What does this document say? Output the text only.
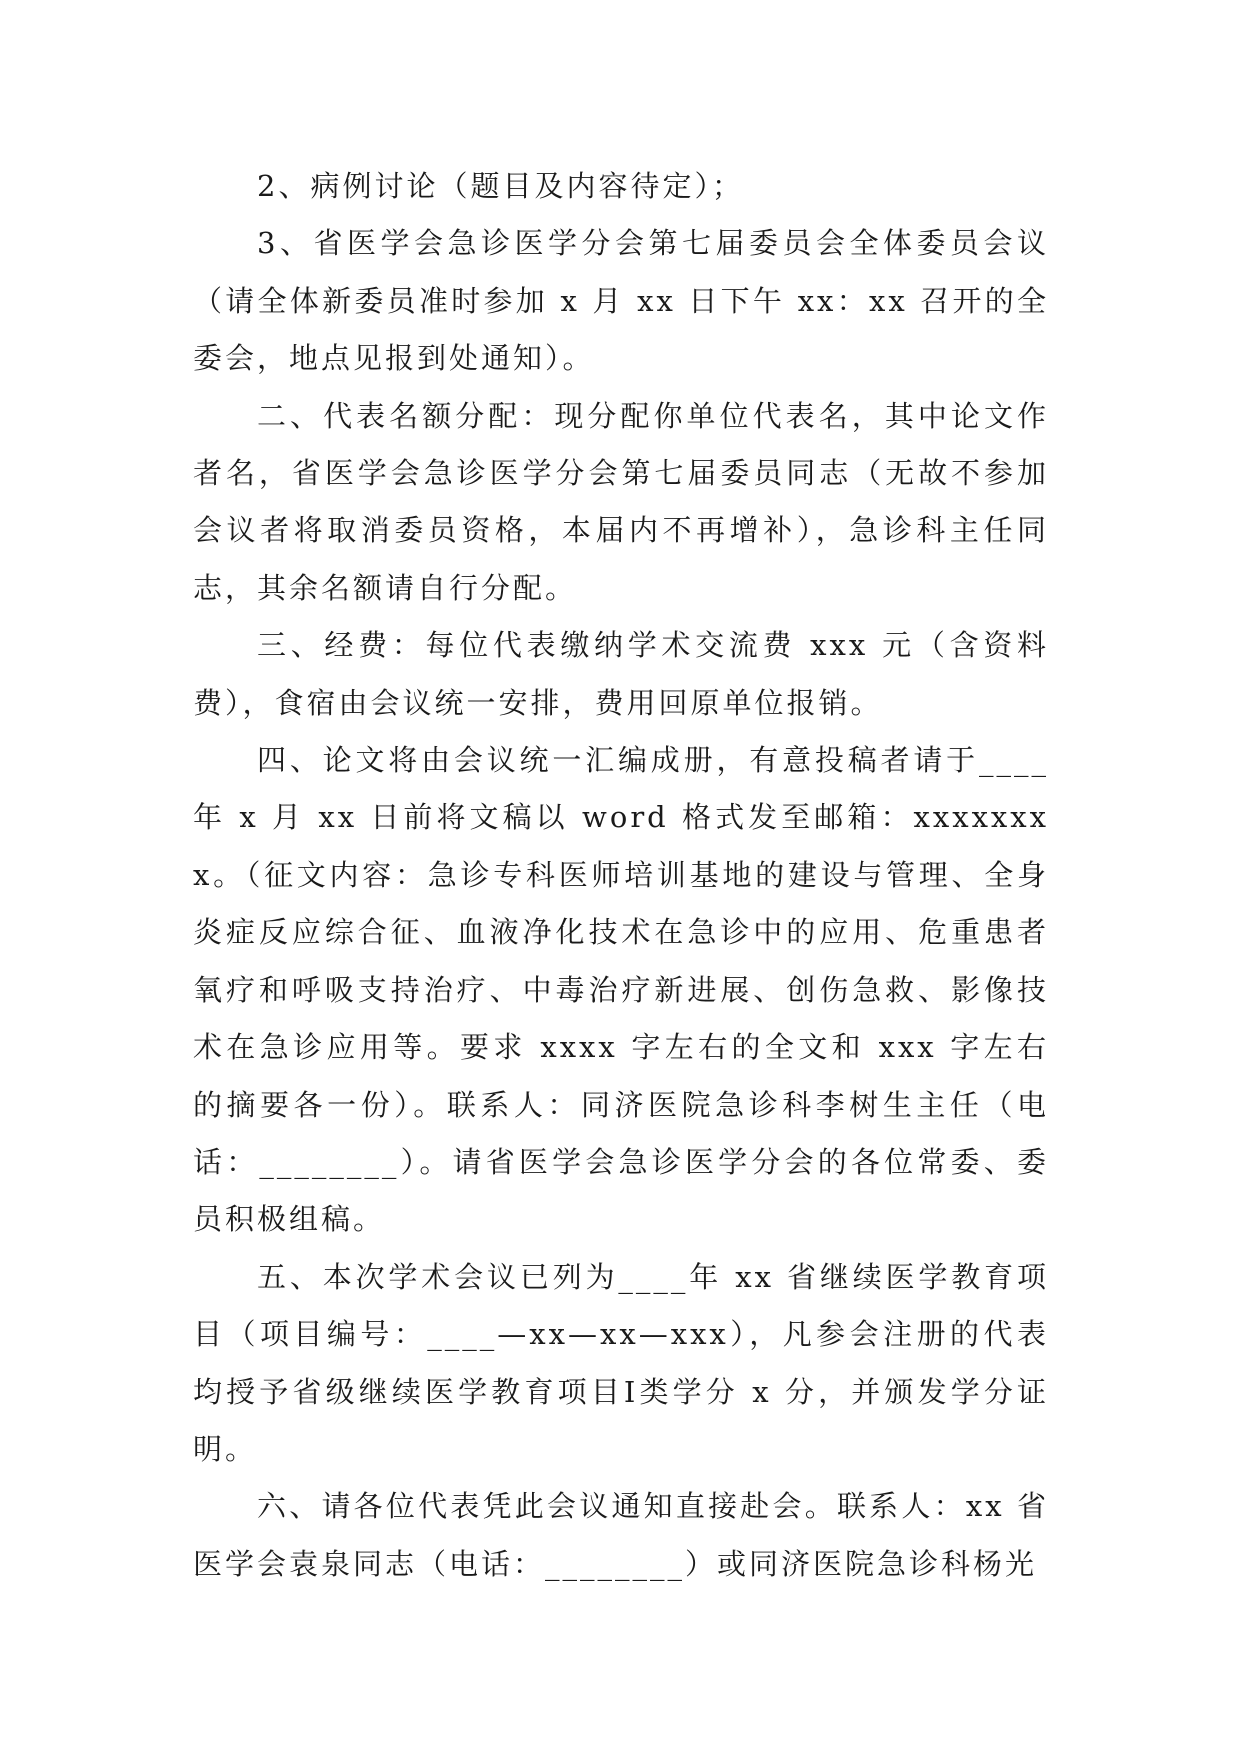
2、病例讨论（题目及内容待定）；

3、省医学会急诊医学分会第七届委员会全体委员会议（请全体新委员准时参加 x 月 xx 日下午 xx：xx 召开的全委会，地点见报到处通知）。

二、代表名额分配：现分配你单位代表名，其中论文作者名，省医学会急诊医学分会第七届委员同志（无故不参加会议者将取消委员资格，本届内不再增补），急诊科主任同志，其余名额请自行分配。

三、经费：每位代表缴纳学术交流费 xxx 元（含资料费），食宿由会议统一安排，费用回原单位报销。

四、论文将由会议统一汇编成册，有意投稿者请于____年 x 月 xx 日前将文稿以 word 格式发至邮箱：xxxxxxxx。（征文内容：急诊专科医师培训基地的建设与管理、全身炎症反应综合征、血液净化技术在急诊中的应用、危重患者氧疗和呼吸支持治疗、中毒治疗新进展、创伤急救、影像技术在急诊应用等。要求 xxxx 字左右的全文和 xxx 字左右的摘要各一份）。联系人：同济医院急诊科李树生主任（电话：________）。请省医学会急诊医学分会的各位常委、委员积极组稿。

五、本次学术会议已列为____年 xx 省继续医学教育项目（项目编号：____—xx—xx—xxx），凡参会注册的代表均授予省级继续医学教育项目Ⅰ类学分 x 分，并颁发学分证明。

六、请各位代表凭此会议通知直接赴会。联系人：xx 省医学会袁泉同志（电话：________）或同济医院急诊科杨光
